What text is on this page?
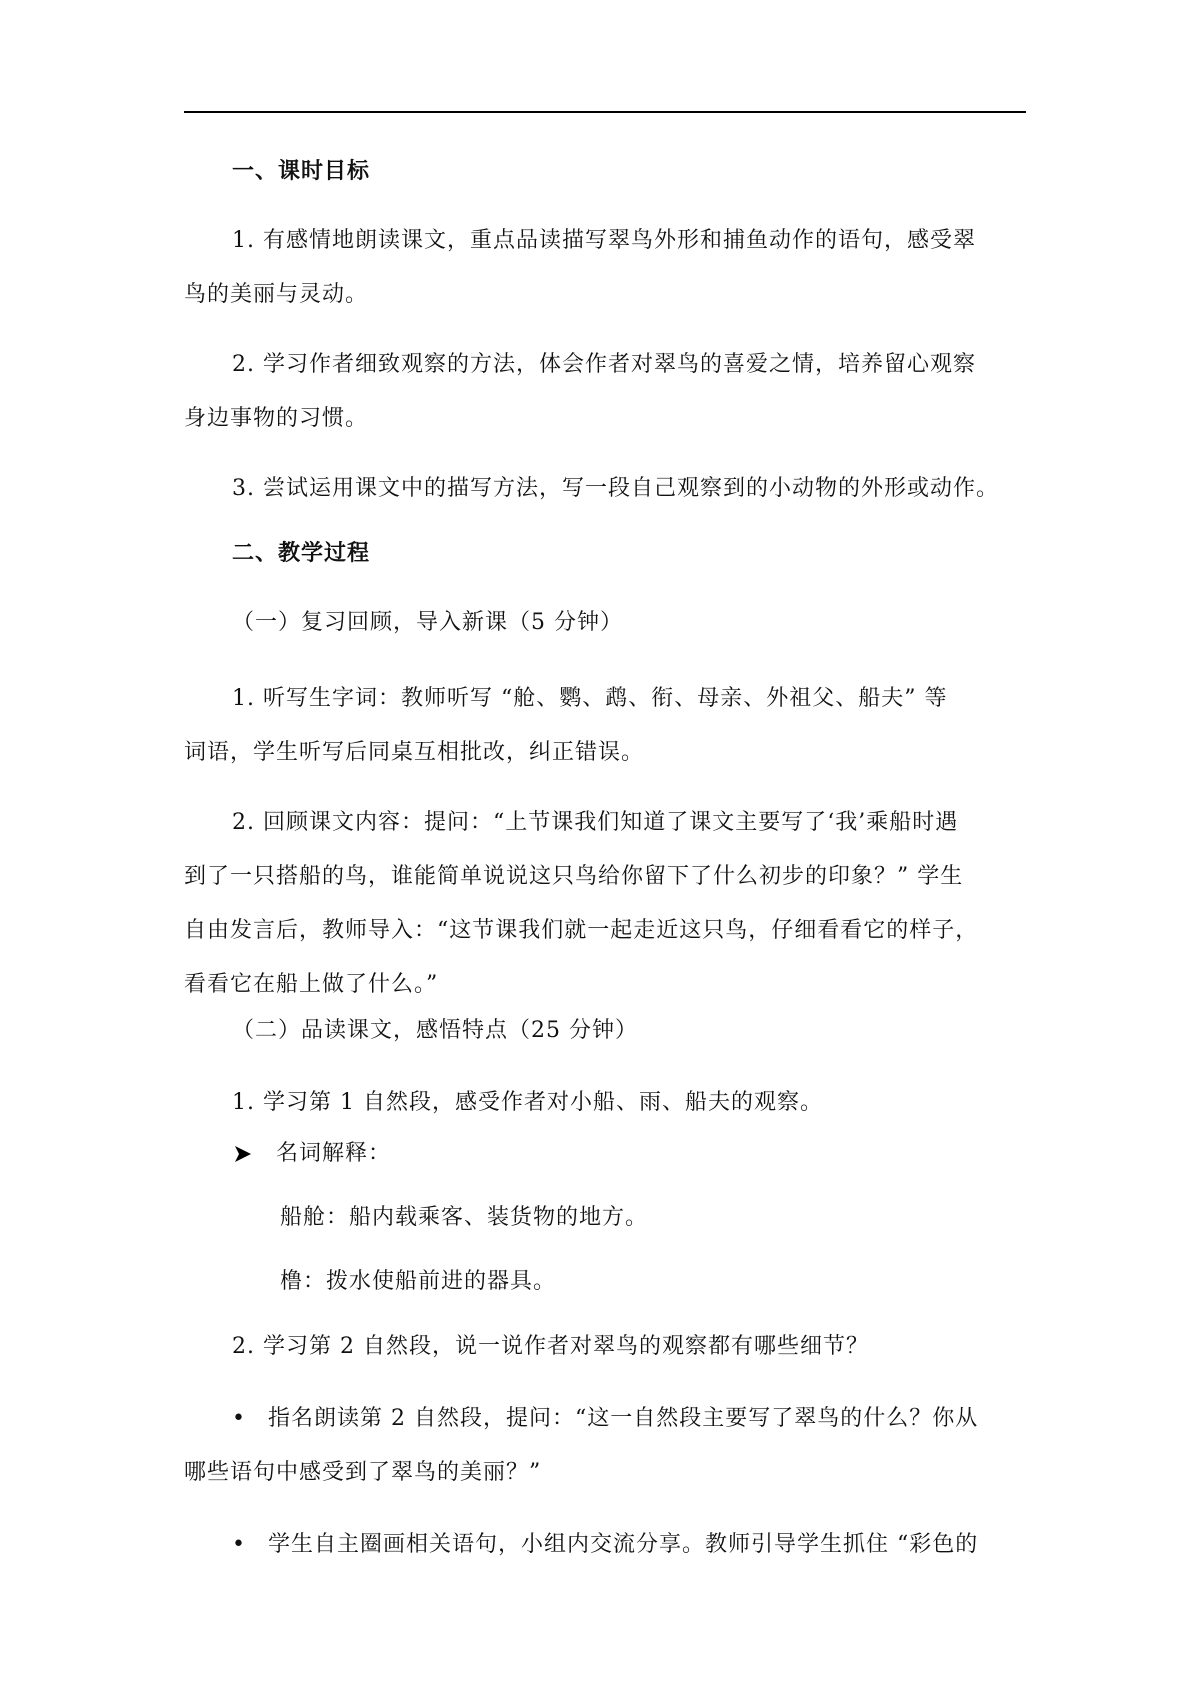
一、课时目标
1. 有感情地朗读课文，重点品读描写翠鸟外形和捕鱼动作的语句，感受翠
鸟的美丽与灵动。
2. 学习作者细致观察的方法，体会作者对翠鸟的喜爱之情，培养留心观察
身边事物的习惯。
3. 尝试运用课文中的描写方法，写一段自己观察到的小动物的外形或动作。
二、教学过程
（一）复习回顾，导入新课（5 分钟）
1. 听写生字词：教师听写 “舱、鹦、鹉、衔、母亲、外祖父、船夫” 等
词语，学生听写后同桌互相批改，纠正错误。
2. 回顾课文内容：提问：“上节课我们知道了课文主要写了‘我’乘船时遇
到了一只搭船的鸟，谁能简单说说这只鸟给你留下了什么初步的印象？” 学生
自由发言后，教师导入：“这节课我们就一起走近这只鸟，仔细看看它的样子，
看看它在船上做了什么。”
（二）品读课文，感悟特点（25 分钟）
1. 学习第 1 自然段，感受作者对小船、雨、船夫的观察。
名词解释：
船舱：船内载乘客、装货物的地方。
橹：拨水使船前进的器具。
2. 学习第 2 自然段，说一说作者对翠鸟的观察都有哪些细节？
• 指名朗读第 2 自然段，提问：“这一自然段主要写了翠鸟的什么？你从
哪些语句中感受到了翠鸟的美丽？”
• 学生自主圈画相关语句，小组内交流分享。教师引导学生抓住 “彩色的
